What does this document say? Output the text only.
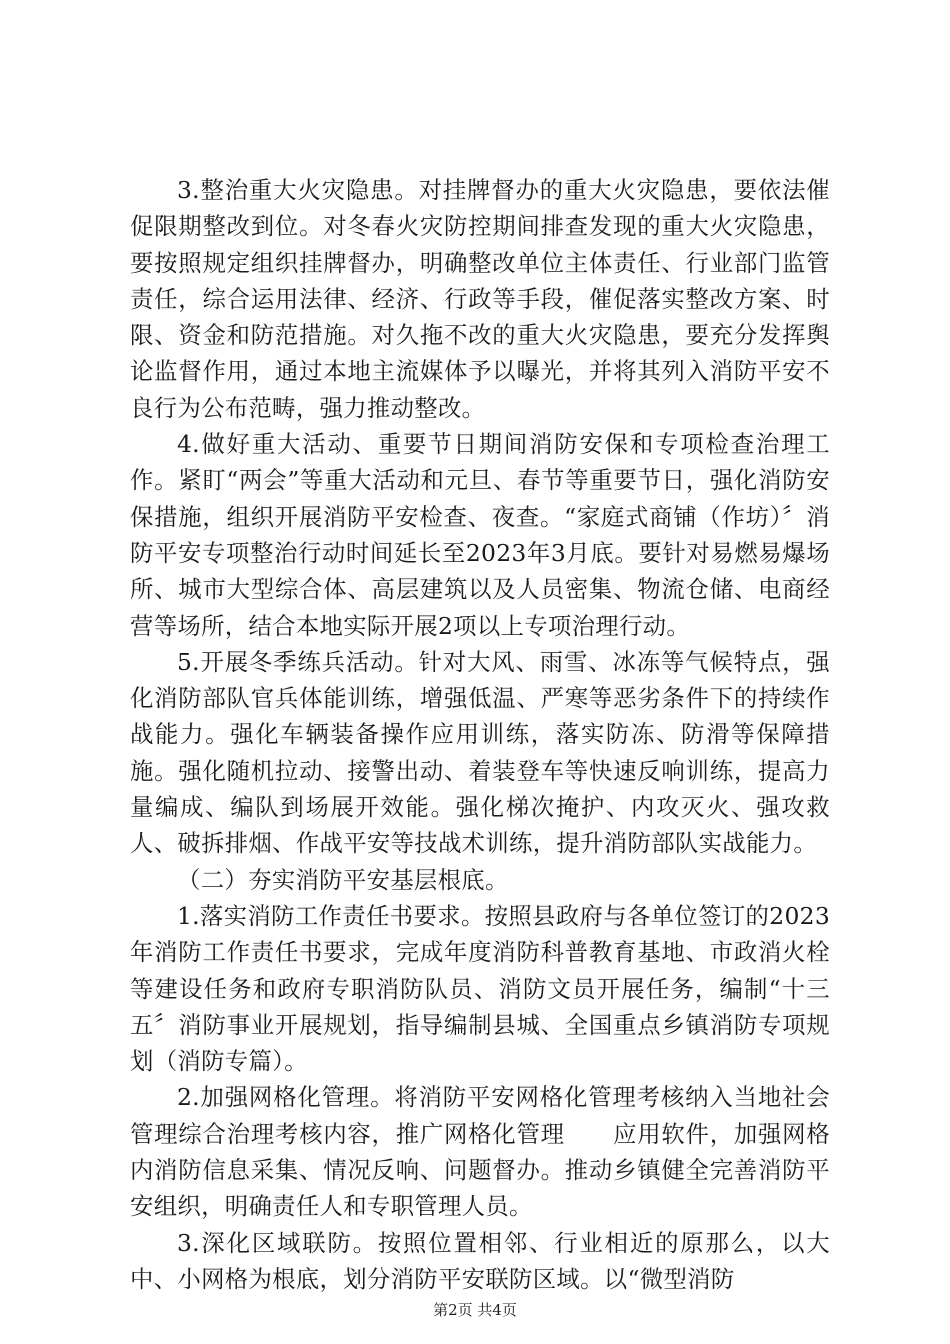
3.整治重大火灾隐患。对挂牌督办的重大火灾隐患，要依法催促限期整改到位。对冬春火灾防控期间排查发现的重大火灾隐患，要按照规定组织挂牌督办，明确整改单位主体责任、行业部门监管责任，综合运用法律、经济、行政等手段，催促落实整改方案、时限、资金和防范措施。对久拖不改的重大火灾隐患，要充分发挥舆论监督作用，通过本地主流媒体予以曝光，并将其列入消防平安不良行为公布范畴，强力推动整改。

4.做好重大活动、重要节日期间消防安保和专项检查治理工作。紧盯“两会”等重大活动和元旦、春节等重要节日，强化消防安保措施，组织开展消防平安检查、夜查。“家庭式商铺（作坊）〞消防平安专项整治行动时间延长至2023年3月底。要针对易燃易爆场所、城市大型综合体、高层建筑以及人员密集、物流仓储、电商经营等场所，结合本地实际开展2项以上专项治理行动。

5.开展冬季练兵活动。针对大风、雨雪、冰冻等气候特点，强化消防部队官兵体能训练，增强低温、严寒等恶劣条件下的持续作战能力。强化车辆装备操作应用训练，落实防冻、防滑等保障措施。强化随机拉动、接警出动、着装登车等快速反响训练，提高力量编成、编队到场展开效能。强化梯次掩护、内攻灭火、强攻救人、破拆排烟、作战平安等技战术训练，提升消防部队实战能力。

（二）夯实消防平安基层根底。

1.落实消防工作责任书要求。按照县政府与各单位签订的2023年消防工作责任书要求，完成年度消防科普教育基地、市政消火栓等建设任务和政府专职消防队员、消防文员开展任务，编制“十三五〞消防事业开展规划，指导编制县城、全国重点乡镇消防专项规划（消防专篇）。

2.加强网格化管理。将消防平安网格化管理考核纳入当地社会管理综合治理考核内容，推广网格化管理　　应用软件，加强网格内消防信息采集、情况反响、问题督办。推动乡镇健全完善消防平安组织，明确责任人和专职管理人员。

3.深化区域联防。按照位置相邻、行业相近的原那么，以大中、小网格为根底，划分消防平安联防区域。以“微型消防

第2页 共4页
